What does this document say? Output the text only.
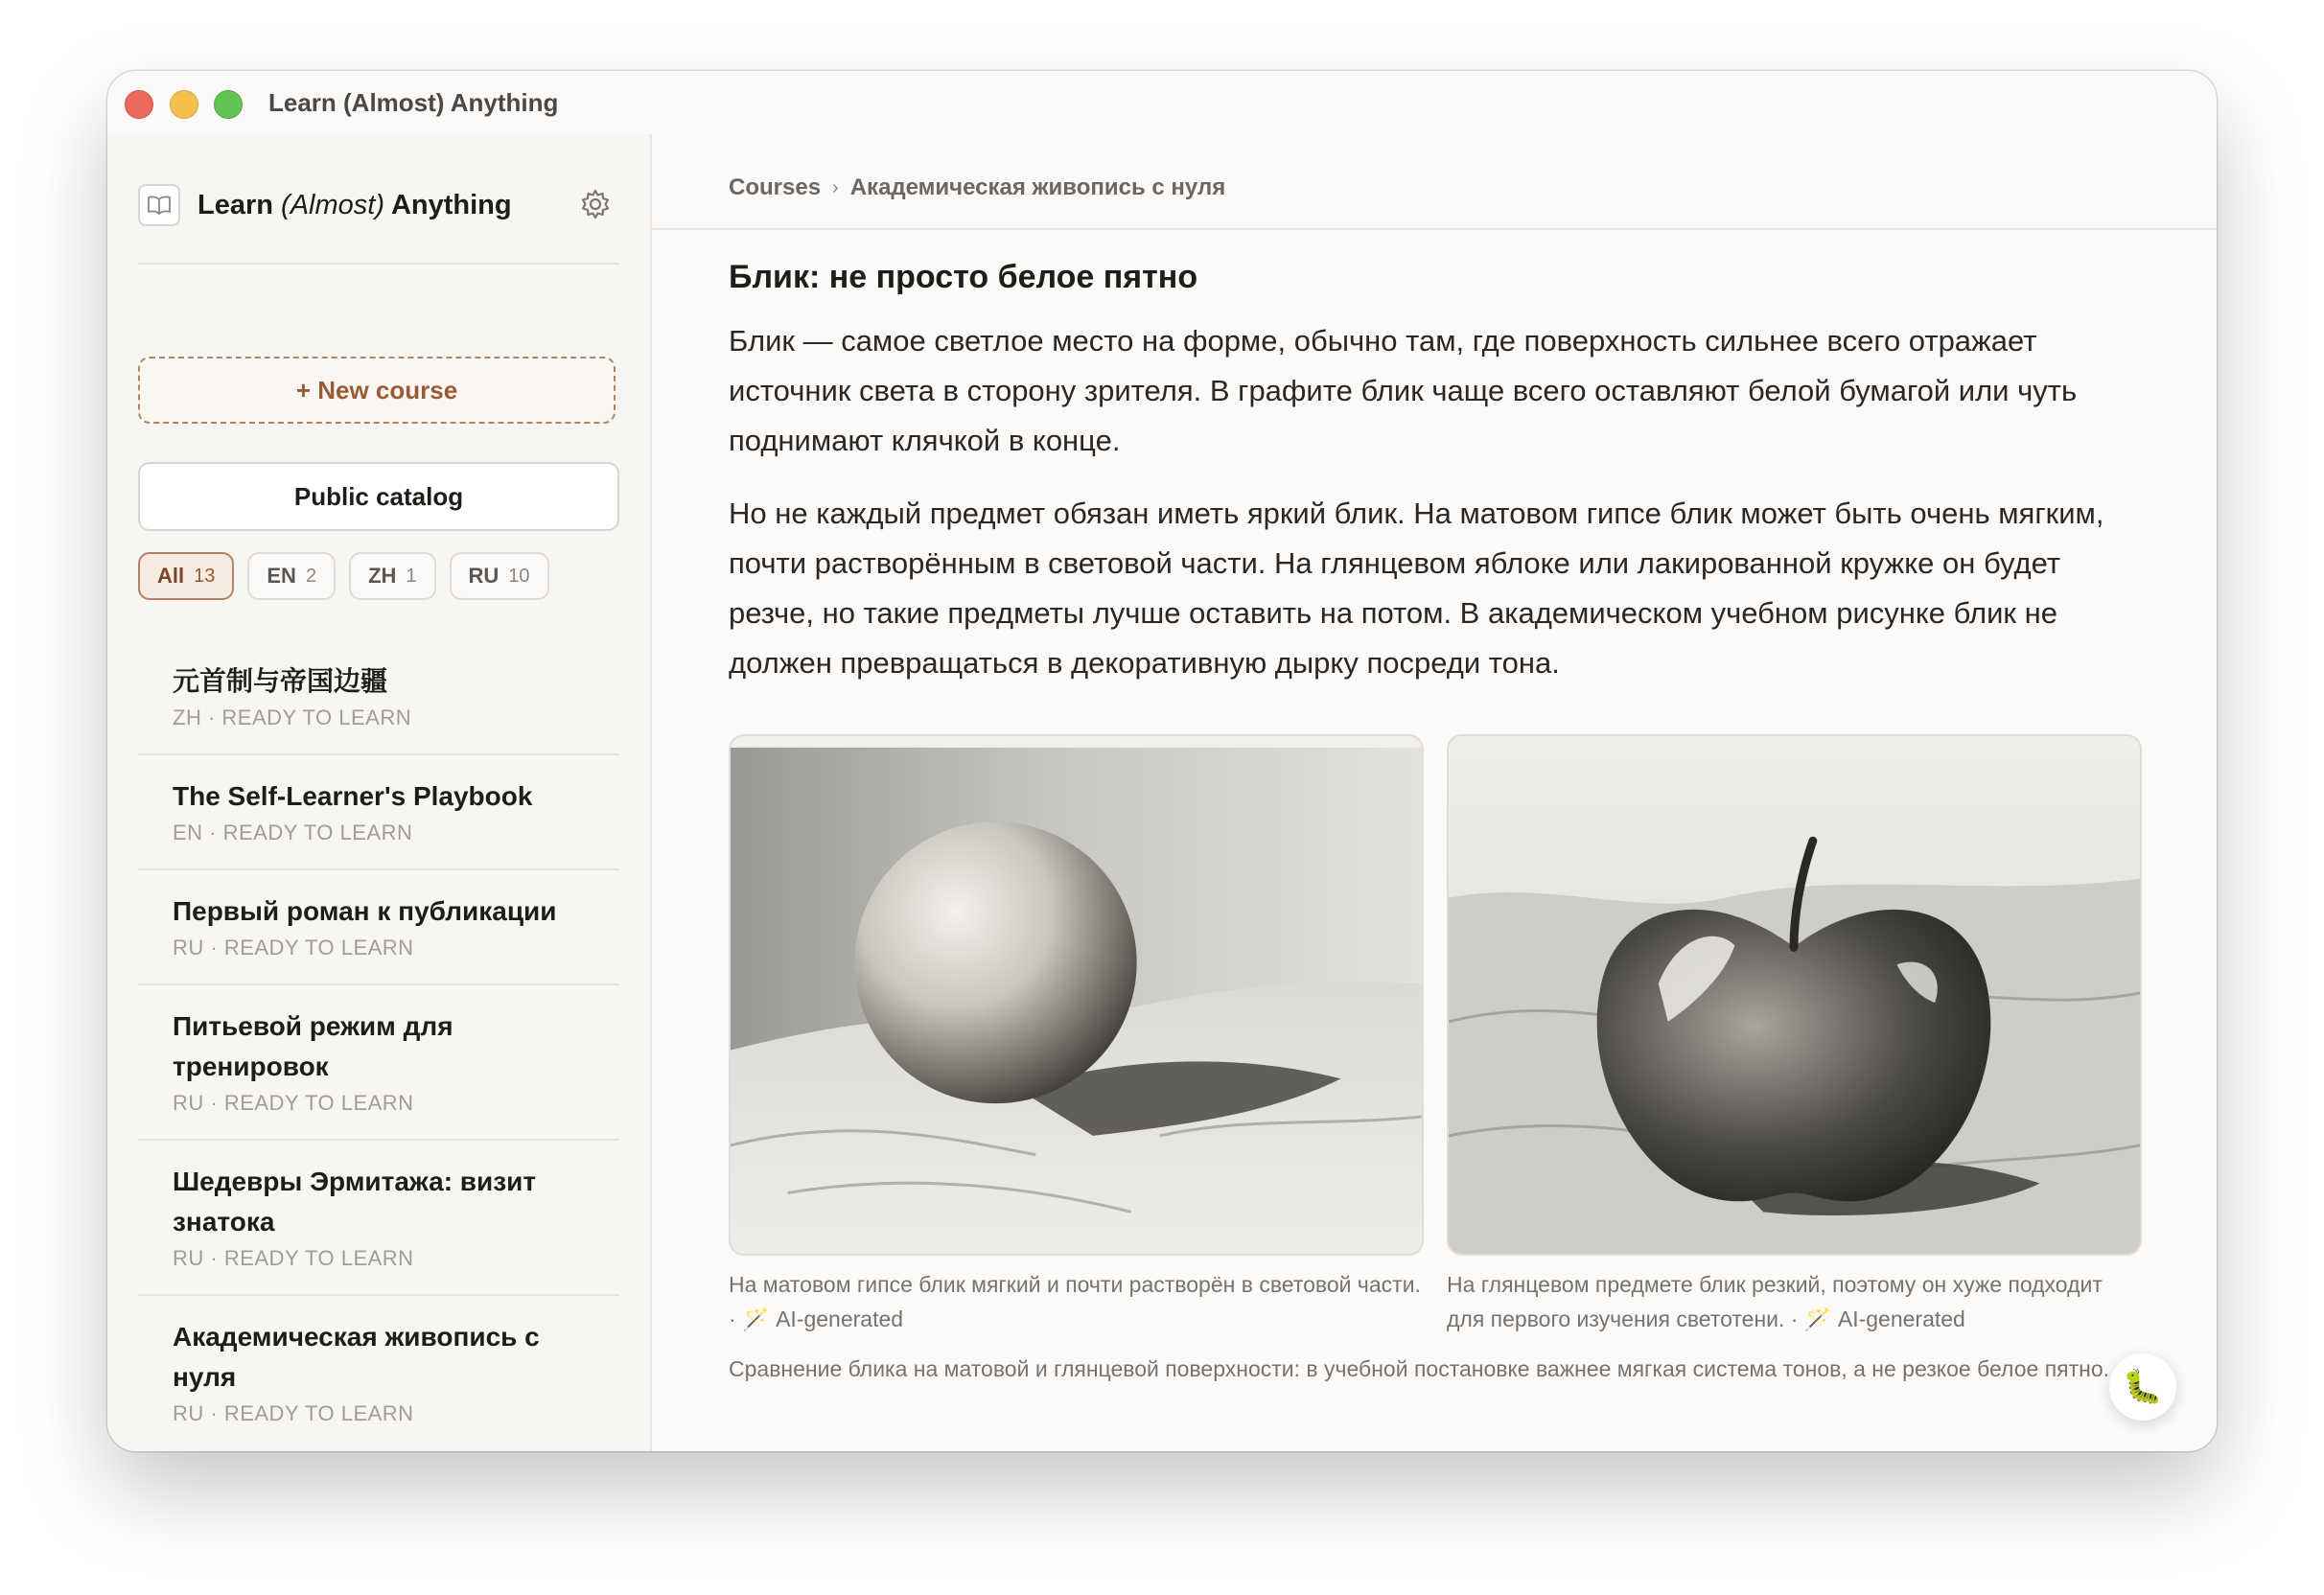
Learn (Almost) Anything
Learn (Almost) Anything
+ New course
Public catalog
All 13 EN 2 ZH 1 RU 10
元首制与帝国边疆
ZH · READY TO LEARN
The Self-Learner's Playbook
EN · READY TO LEARN
Первый роман к публикации
RU · READY TO LEARN
Питьевой режим для тренировок
RU · READY TO LEARN
Шедевры Эрмитажа: визит знатока
RU · READY TO LEARN
Академическая живопись с нуля
RU · READY TO LEARN
Courses › Академическая живопись с нуля
Блик: не просто белое пятно

Блик — самое светлое место на форме, обычно там, где поверхность сильнее всего отражает источник света в сторону зрителя. В графите блик чаще всего оставляют белой бумагой или чуть поднимают клячкой в конце.

Но не каждый предмет обязан иметь яркий блик. На матовом гипсе блик может быть очень мягким, почти растворённым в световой части. На глянцевом яблоке или лакированной кружке он будет резче, но такие предметы лучше оставить на потом. В академическом учебном рисунке блик не должен превращаться в декоративную дырку посреди тона.

На матовом гипсе блик мягкий и почти растворён в световой части. · 🪄 AI-generated
На глянцевом предмете блик резкий, поэтому он хуже подходит для первого изучения светотени. · 🪄 AI-generated
Сравнение блика на матовой и глянцевой поверхности: в учебной постановке важнее мягкая система тонов, а не резкое белое пятно. 🐛
